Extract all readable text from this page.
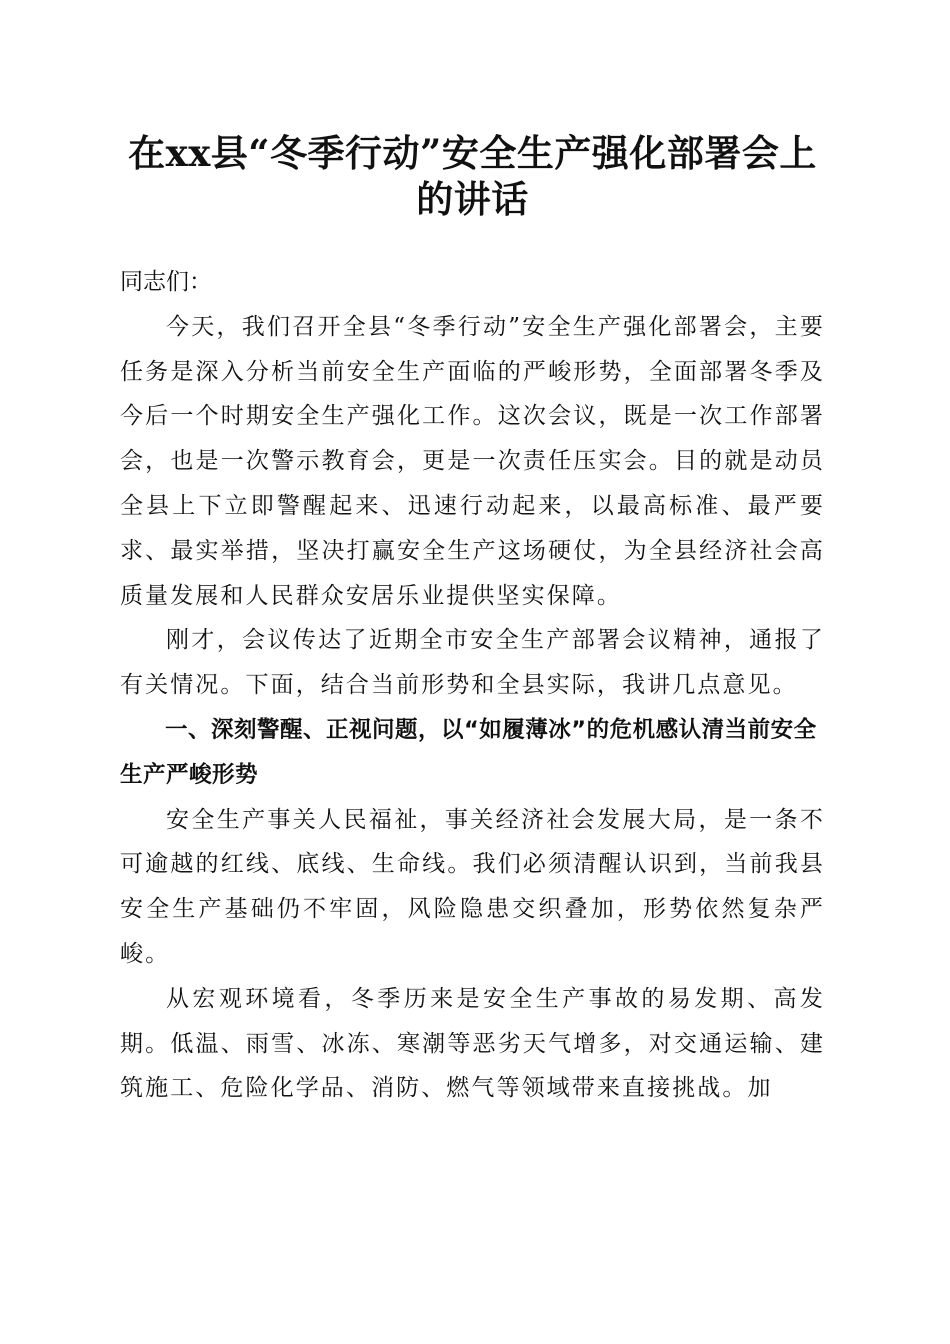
在xx县“冬季行动”安全生产强化部署会上的讲话

同志们：

今天，我们召开全县“冬季行动”安全生产强化部署会，主要任务是深入分析当前安全生产面临的严峻形势，全面部署冬季及今后一个时期安全生产强化工作。这次会议，既是一次工作部署会，也是一次警示教育会，更是一次责任压实会。目的就是动员全县上下立即警醒起来、迅速行动起来，以最高标准、最严要求、最实举措，坚决打赢安全生产这场硬仗，为全县经济社会高质量发展和人民群众安居乐业提供坚实保障。

刚才，会议传达了近期全市安全生产部署会议精神，通报了有关情况。下面，结合当前形势和全县实际，我讲几点意见。

一、深刻警醒、正视问题，以“如履薄冰”的危机感认清当前安全生产严峻形势

安全生产事关人民福祉，事关经济社会发展大局，是一条不可逾越的红线、底线、生命线。我们必须清醒认识到，当前我县安全生产基础仍不牢固，风险隐患交织叠加，形势依然复杂严峻。

从宏观环境看，冬季历来是安全生产事故的易发期、高发期。低温、雨雪、冰冻、寒潮等恶劣天气增多，对交通运输、建筑施工、危险化学品、消防、燃气等领域带来直接挑战。加
